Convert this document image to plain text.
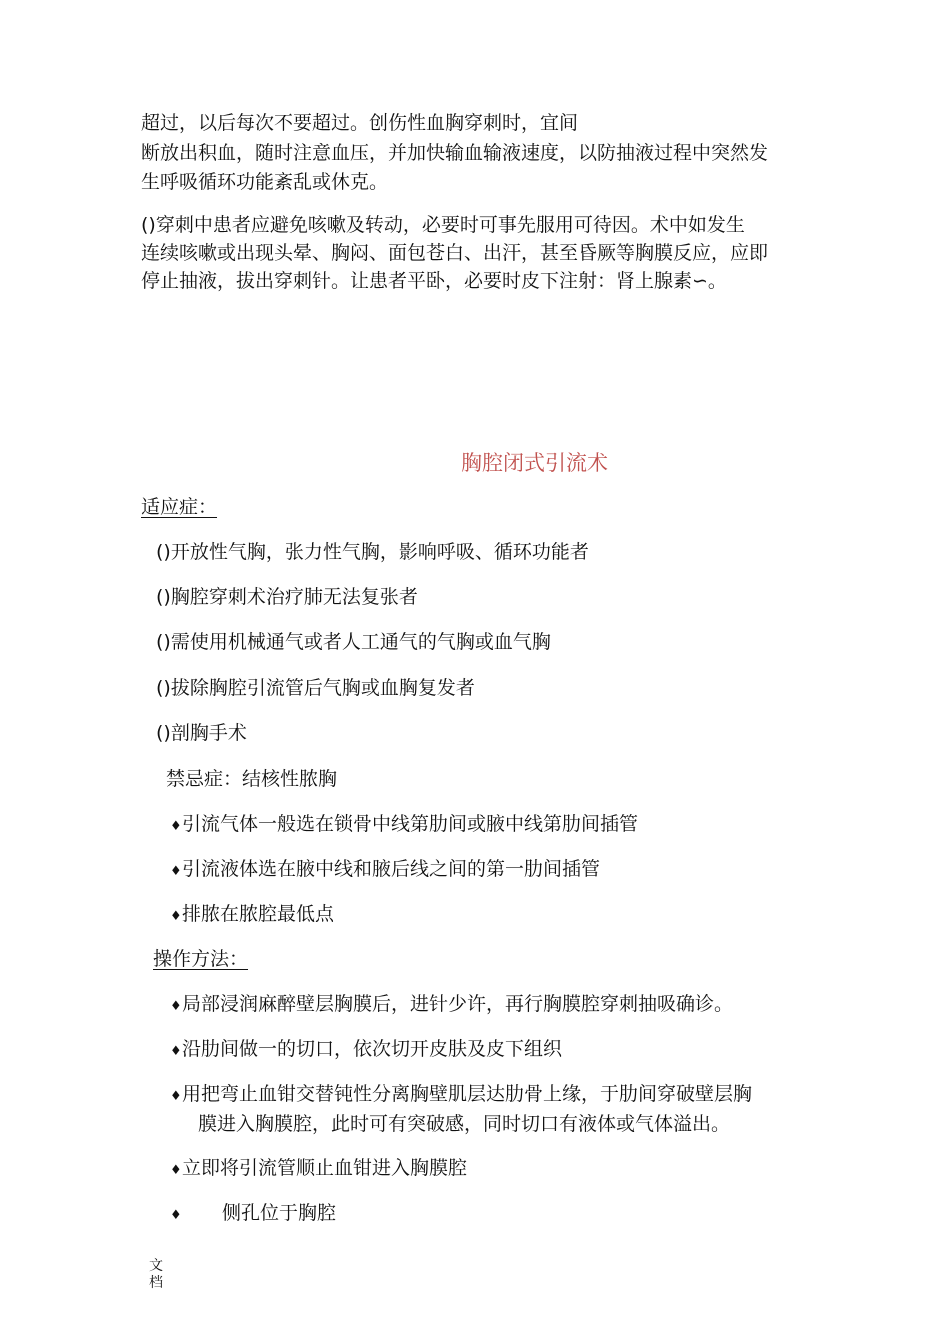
超过，以后每次不要超过。创伤性血胸穿刺时，宜间
断放出积血，随时注意血压，并加快输血输液速度，以防抽液过程中突然发
生呼吸循环功能紊乱或休克。
()穿刺中患者应避免咳嗽及转动，必要时可事先服用可待因。术中如发生
连续咳嗽或出现头晕、胸闷、面包苍白、出汗，甚至昏厥等胸膜反应，应即
停止抽液，拔出穿刺针。让患者平卧，必要时皮下注射：肾上腺素∽。
胸腔闭式引流术
适应症：
()开放性气胸，张力性气胸，影响呼吸、循环功能者
()胸腔穿刺术治疗肺无法复张者
()需使用机械通气或者人工通气的气胸或血气胸
()拔除胸腔引流管后气胸或血胸复发者
()剖胸手术
禁忌症：结核性脓胸
♦引流气体一般选在锁骨中线第肋间或腋中线第肋间插管
♦引流液体选在腋中线和腋后线之间的第一肋间插管
♦排脓在脓腔最低点
操作方法：
♦局部浸润麻醉壁层胸膜后，进针少许，再行胸膜腔穿刺抽吸确诊。
♦沿肋间做一的切口，依次切开皮肤及皮下组织
♦用把弯止血钳交替钝性分离胸壁肌层达肋骨上缘，于肋间穿破壁层胸
膜进入胸膜腔，此时可有突破感，同时切口有液体或气体溢出。
♦立即将引流管顺止血钳进入胸膜腔
♦ 侧孔位于胸腔
文档
